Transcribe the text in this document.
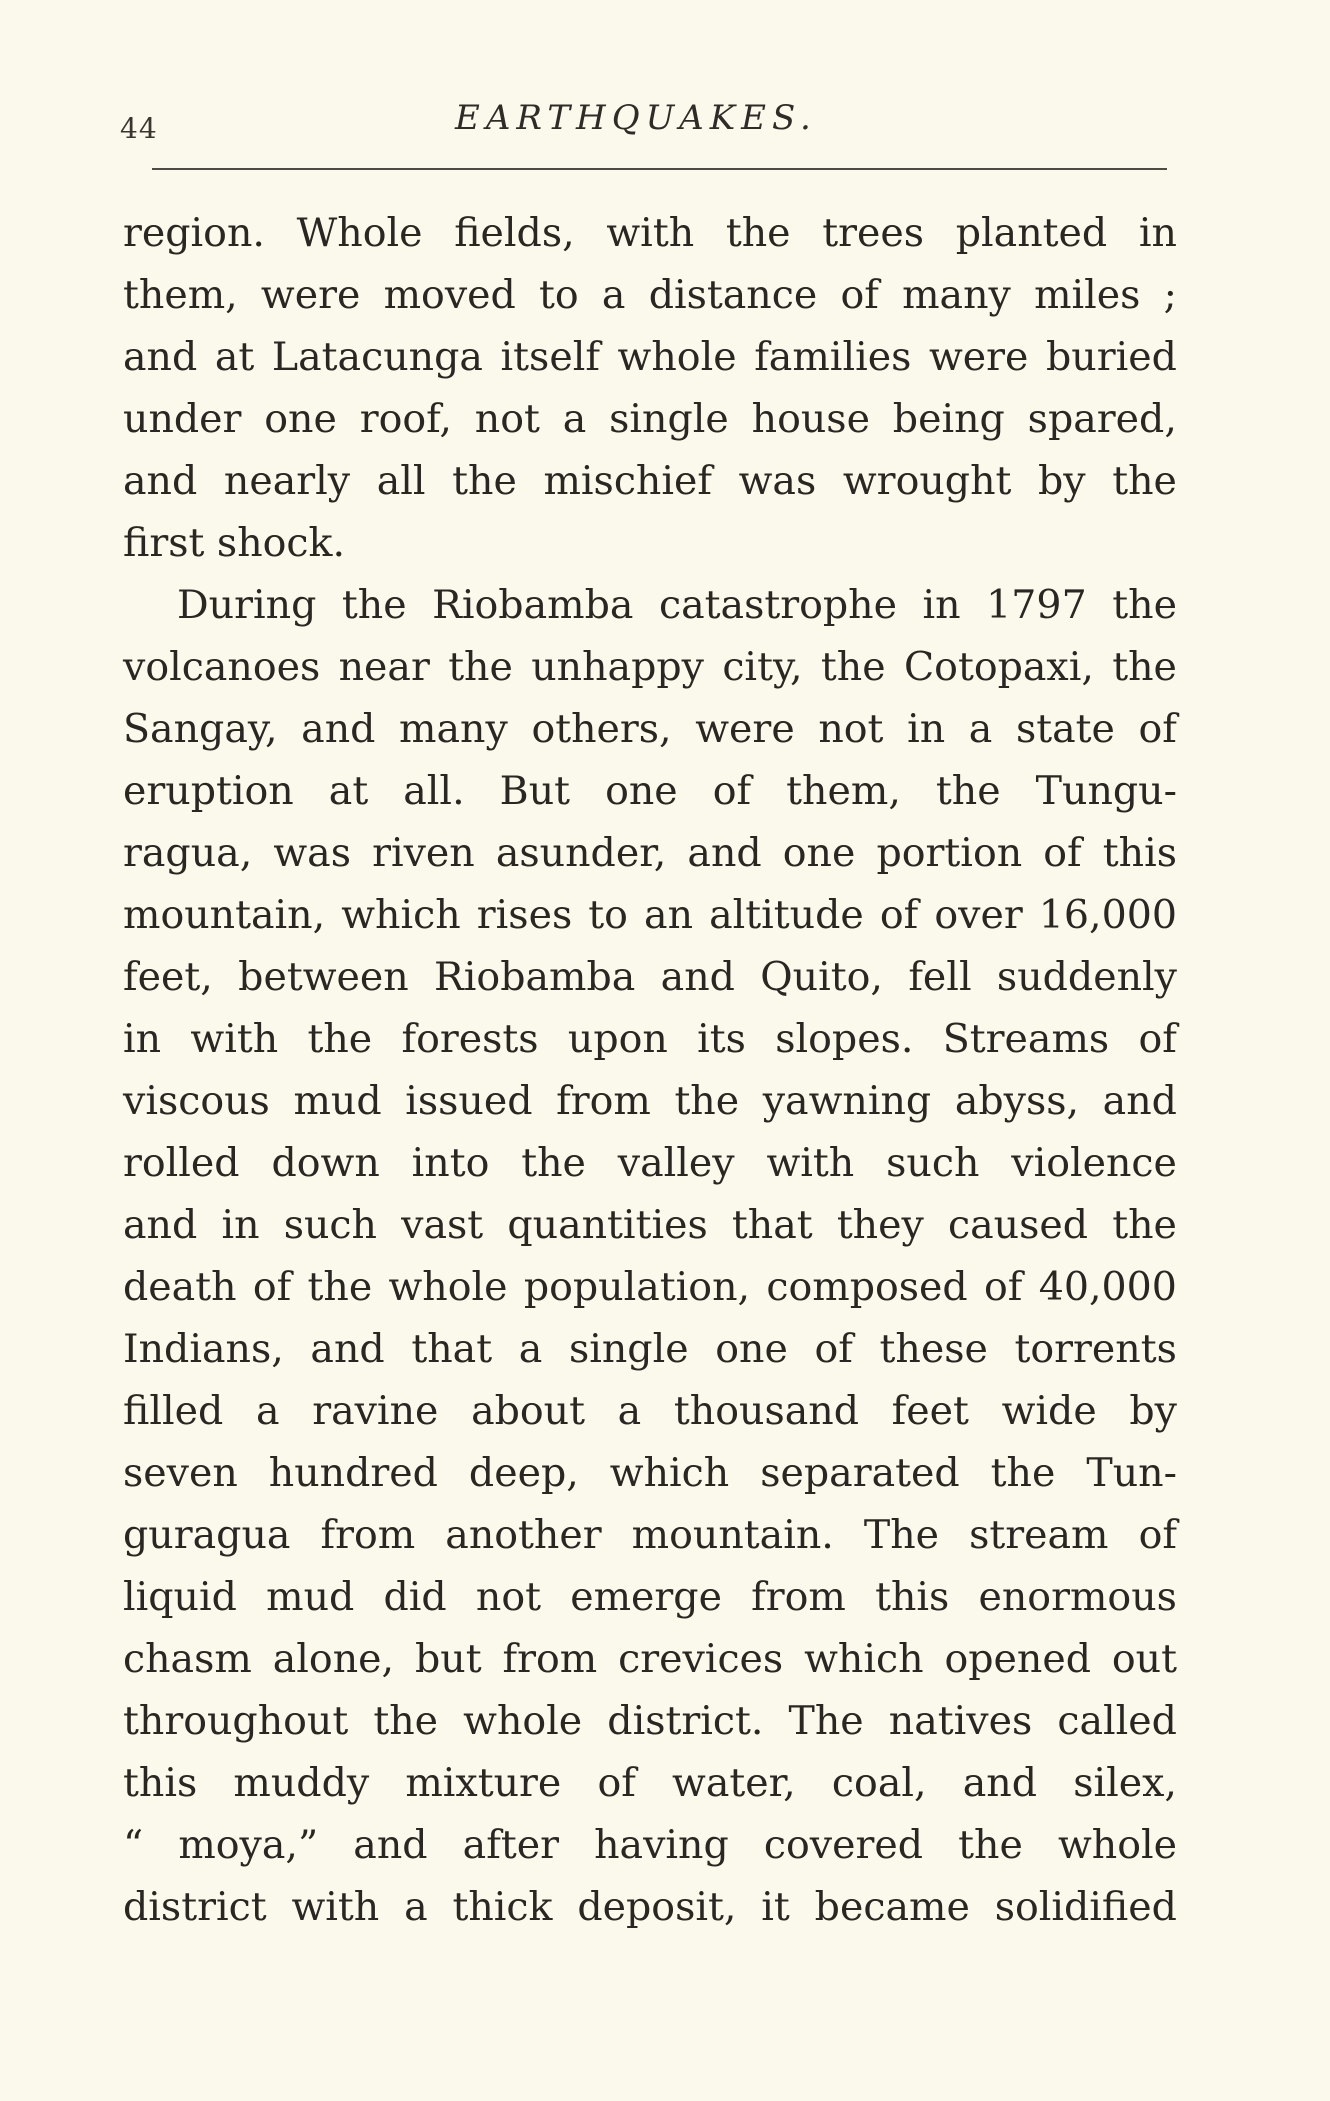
44	EARTHQUAKES.
region. Whole fields, with the trees planted in
them, were moved to a distance of many miles ;
and at Latacunga itself whole families were buried
under one roof, not a single house being spared,
and nearly all the mischief was wrought by the
first shock.
During the Riobamba catastrophe in 1797 the
volcanoes near the unhappy city, the Cotopaxi, the
Sangay, and many others, were not in a state of
eruption at all. But one of them, the Tungu-
ragua, was riven asunder, and one portion of this
mountain, which rises to an altitude of over 16,000
feet, between Riobamba and Quito, fell suddenly
in with the forests upon its slopes. Streams of
viscous mud issued from the yawning abyss, and
rolled down into the valley with such violence
and in such vast quantities that they caused the
death of the whole population, composed of 40,000
Indians, and that a single one of these torrents
filled a ravine about a thousand feet wide by
seven hundred deep, which separated the Tun-
guragua from another mountain. The stream of
liquid mud did not emerge from this enormous
chasm alone, but from crevices which opened out
throughout the whole district. The natives called
this muddy mixture of water, coal, and silex,
“ moya,” and after having covered the whole
district with a thick deposit, it became solidified
